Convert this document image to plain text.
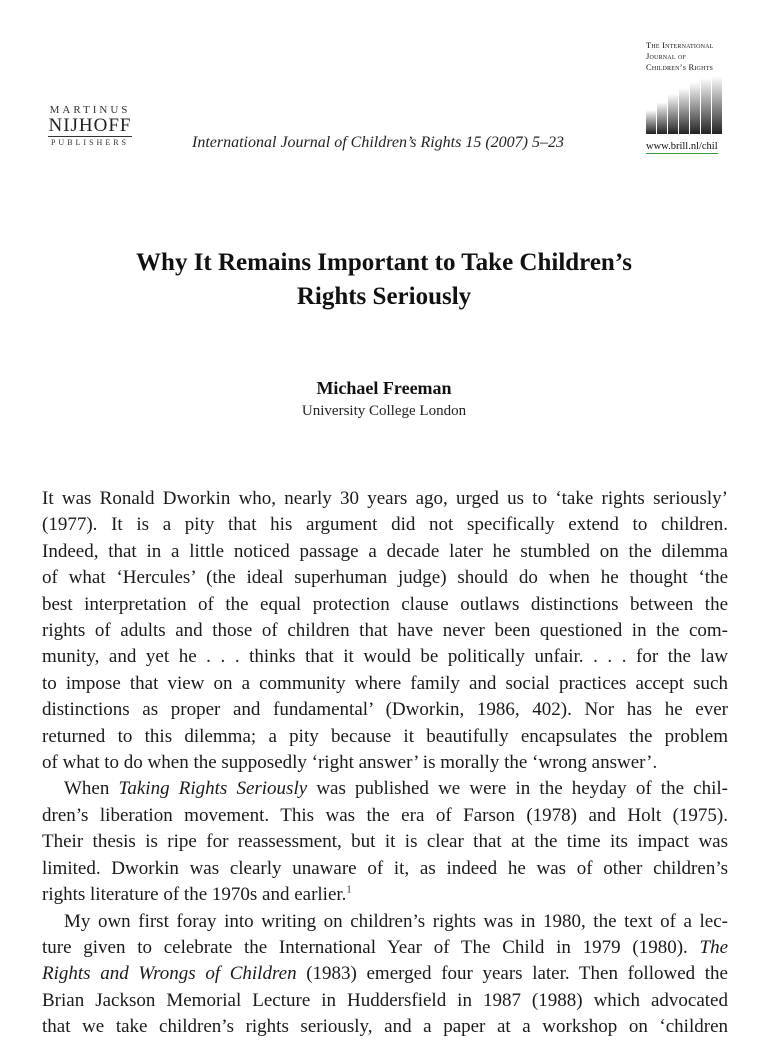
MARTINUS
NIJHOFF
PUBLISHERS	International Journal of Children’s Rights 15 (2007) 5–23
The International
Journal of
Children’s Rights
www.brill.nl/chil
Why It Remains Important to Take Children’s
Rights Seriously
Michael Freeman
University College London
It was Ronald Dworkin who, nearly 30 years ago, urged us to ‘take rights seriously’
(1977). It is a pity that his argument did not specifically extend to children.
Indeed, that in a little noticed passage a decade later he stumbled on the dilemma
of what ‘Hercules’ (the ideal superhuman judge) should do when he thought ‘the
best interpretation of the equal protection clause outlaws distinctions between the
rights of adults and those of children that have never been questioned in the com-
munity, and yet he . . . thinks that it would be politically unfair. . . . for the law
to impose that view on a community where family and social practices accept such
distinctions as proper and fundamental’ (Dworkin, 1986, 402). Nor has he ever
returned to this dilemma; a pity because it beautifully encapsulates the problem
of what to do when the supposedly ‘right answer’ is morally the ‘wrong answer’.
When Taking Rights Seriously was published we were in the heyday of the chil-
dren’s liberation movement. This was the era of Farson (1978) and Holt (1975).
Their thesis is ripe for reassessment, but it is clear that at the time its impact was
limited. Dworkin was clearly unaware of it, as indeed he was of other children’s
rights literature of the 1970s and earlier.$^1$
My own first foray into writing on children’s rights was in 1980, the text of a lec-
ture given to celebrate the International Year of The Child in 1979 (1980). The
Rights and Wrongs of Children (1983) emerged four years later. Then followed the
Brian Jackson Memorial Lecture in Huddersfield in 1987 (1988) which advocated
that we take children’s rights seriously, and a paper at a workshop on ‘children
